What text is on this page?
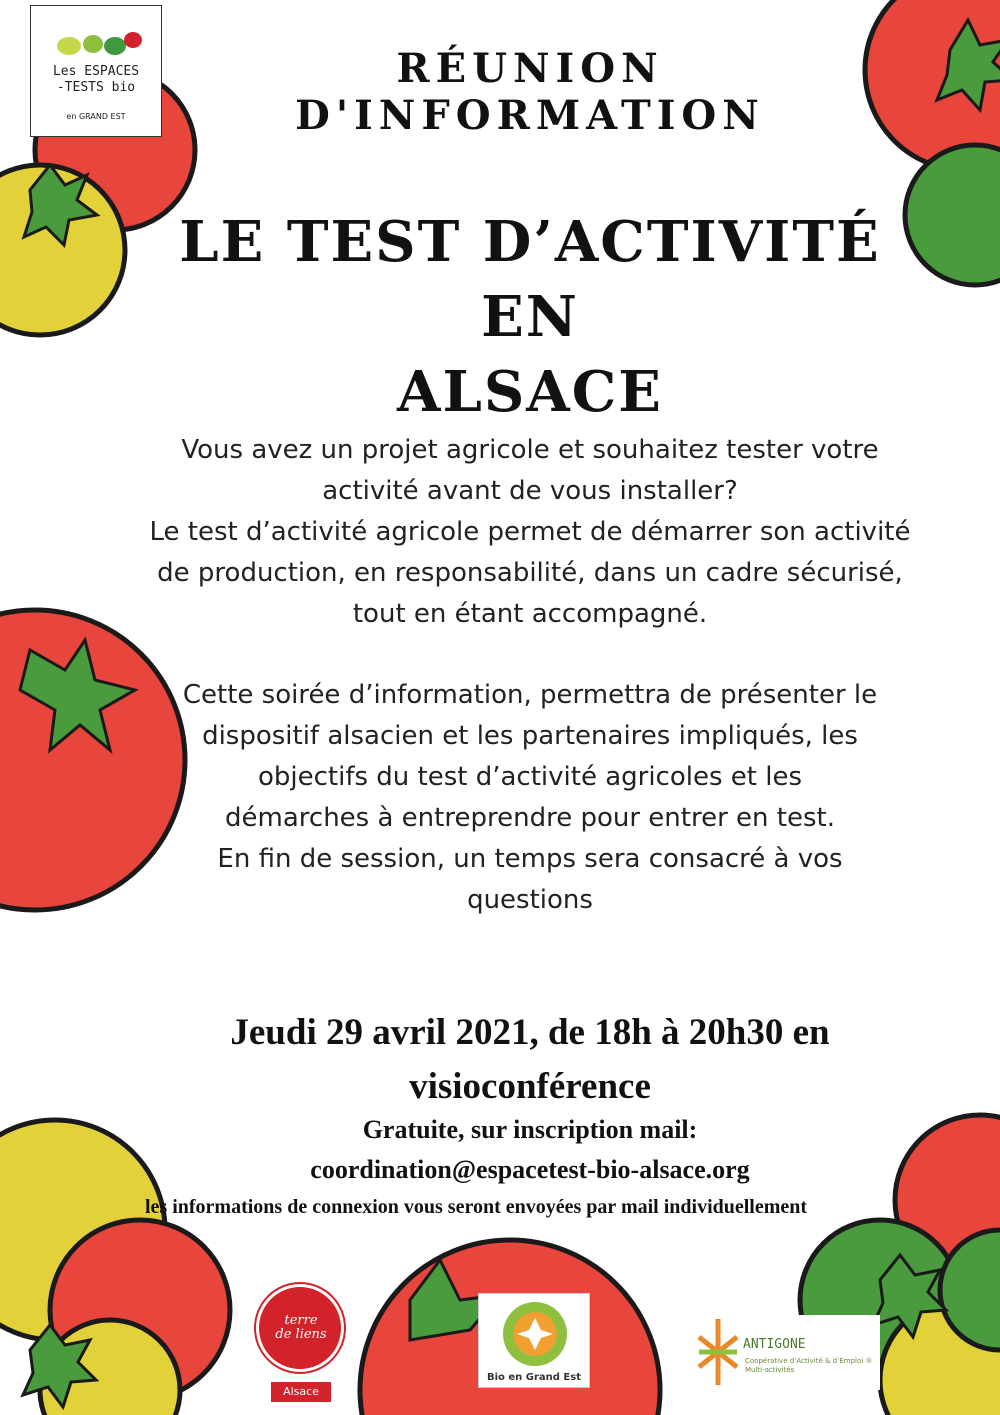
Les ESPACES
-TESTS bio
en GRAND EST
RÉUNION D'INFORMATION
LE TEST D’ACTIVITÉ EN
ALSACE
Vous avez un projet agricole et souhaitez tester votre
activité avant de vous installer?
Le test d’activité agricole permet de démarrer son activité
de production, en responsabilité, dans un cadre sécurisé,
tout en étant accompagné.
Cette soirée d’information, permettra de présenter le
dispositif alsacien et les partenaires impliqués, les
objectifs du test d’activité agricoles et les
démarches à entreprendre pour entrer en test.
En fin de session, un temps sera consacré à vos
questions
Jeudi 29 avril 2021, de 18h à 20h30 en
visioconférence
Gratuite, sur inscription mail:
coordination@espacetest-bio-alsace.org
les informations de connexion vous seront envoyées par mail individuellement
terre
de liens
Alsace
Bio en Grand Est
ANTIGONE
Coopérative d’Activité & d’Emploi ®
Multi-activités
